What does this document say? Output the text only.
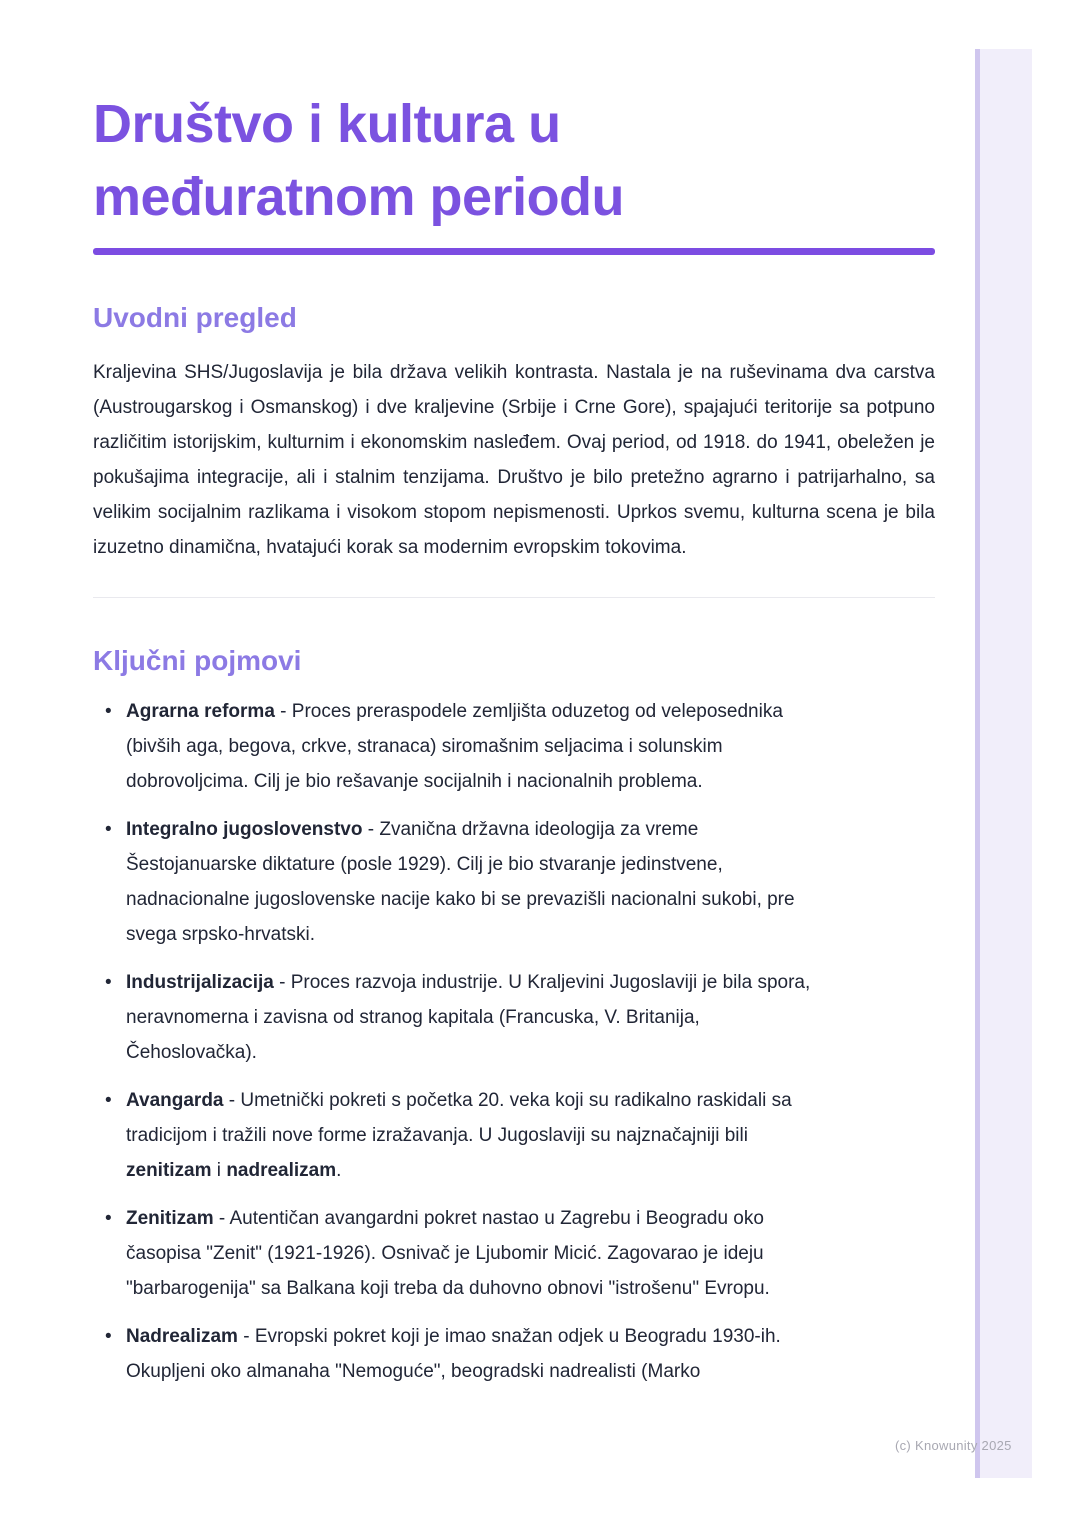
Društvo i kultura u
međuratnom periodu
Uvodni pregled

Kraljevina SHS/Jugoslavija je bila država velikih kontrasta. Nastala je na ruševinama dva carstva (Austrougarskog i Osmanskog) i dve kraljevine (Srbije i Crne Gore), spajajući teritorije sa potpuno različitim istorijskim, kulturnim i ekonomskim nasleđem. Ovaj period, od 1918. do 1941, obeležen je pokušajima integracije, ali i stalnim tenzijama. Društvo je bilo pretežno agrarno i patrijarhalno, sa velikim socijalnim razlikama i visokom stopom nepismenosti. Uprkos svemu, kulturna scena je bila izuzetno dinamična, hvatajući korak sa modernim evropskim tokovima.

Ključni pojmovi
• Agrarna reforma - Proces preraspodele zemljišta oduzetog od veleposednika (bivših aga, begova, crkve, stranaca) siromašnim seljacima i solunskim dobrovoljcima. Cilj je bio rešavanje socijalnih i nacionalnih problema.
• Integralno jugoslovenstvo - Zvanična državna ideologija za vreme Šestojanuarske diktature (posle 1929). Cilj je bio stvaranje jedinstvene, nadnacionalne jugoslovenske nacije kako bi se prevazišli nacionalni sukobi, pre svega srpsko-hrvatski.
• Industrijalizacija - Proces razvoja industrije. U Kraljevini Jugoslaviji je bila spora, neravnomerna i zavisna od stranog kapitala (Francuska, V. Britanija, Čehoslovačka).
• Avangarda - Umetnički pokreti s početka 20. veka koji su radikalno raskidali sa tradicijom i tražili nove forme izražavanja. U Jugoslaviji su najznačajniji bili zenitizam i nadrealizam.
• Zenitizam - Autentičan avangardni pokret nastao u Zagrebu i Beogradu oko časopisa "Zenit" (1921-1926). Osnivač je Ljubomir Micić. Zagovarao je ideju "barbarogenija" sa Balkana koji treba da duhovno obnovi "istrošenu" Evropu.
• Nadrealizam - Evropski pokret koji je imao snažan odjek u Beogradu 1930-ih. Okupljeni oko almanaha "Nemoguće", beogradski nadrealisti (Marko
(c) Knowunity 2025
